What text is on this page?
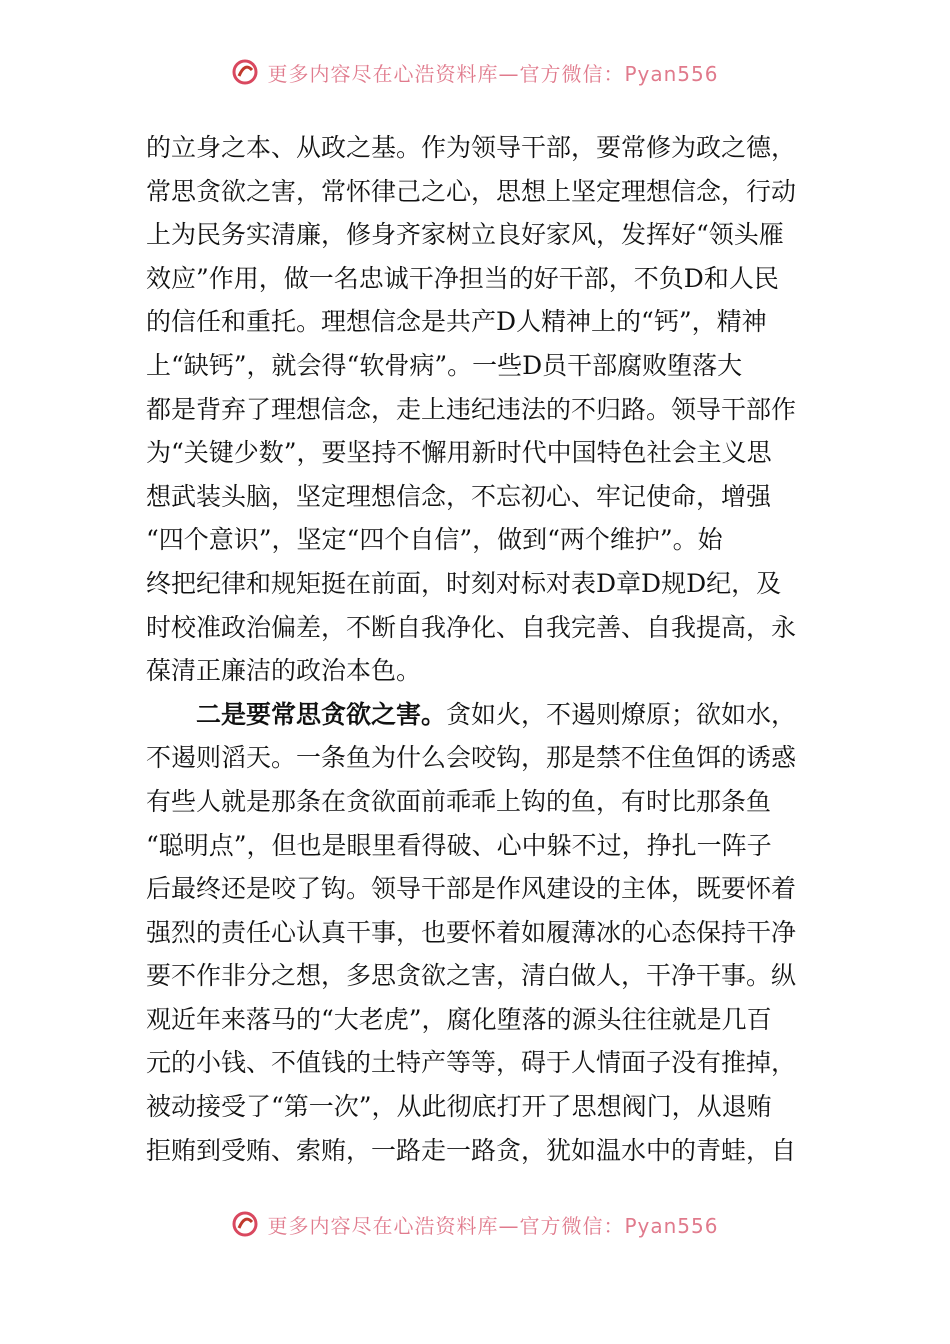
更多内容尽在心浩资料库—官方微信：Pyan556
的立身之本、从政之基。作为领导干部，要常修为政之德，
常思贪欲之害，常怀律己之心，思想上坚定理想信念，行动
上为民务实清廉，修身齐家树立良好家风，发挥好“领头雁
效应”作用，做一名忠诚干净担当的好干部，不负D和人民
的信任和重托。理想信念是共产D人精神上的“钙”，精神
上“缺钙”，就会得“软骨病”。一些D员干部腐败堕落大
都是背弃了理想信念，走上违纪违法的不归路。领导干部作
为“关键少数”，要坚持不懈用新时代中国特色社会主义思
想武装头脑，坚定理想信念，不忘初心、牢记使命，增强
“四个意识”，坚定“四个自信”，做到“两个维护”。始
终把纪律和规矩挺在前面，时刻对标对表D章D规D纪，及
时校准政治偏差，不断自我净化、自我完善、自我提高，永
葆清正廉洁的政治本色。
二是要常思贪欲之害。贪如火，不遏则燎原；欲如水，
不遏则滔天。一条鱼为什么会咬钩，那是禁不住鱼饵的诱惑
有些人就是那条在贪欲面前乖乖上钩的鱼，有时比那条鱼
“聪明点”，但也是眼里看得破、心中躲不过，挣扎一阵子
后最终还是咬了钩。领导干部是作风建设的主体，既要怀着
强烈的责任心认真干事，也要怀着如履薄冰的心态保持干净
要不作非分之想，多思贪欲之害，清白做人，干净干事。纵
观近年来落马的“大老虎”，腐化堕落的源头往往就是几百
元的小钱、不值钱的土特产等等，碍于人情面子没有推掉，
被动接受了“第一次”，从此彻底打开了思想阀门，从退贿
拒贿到受贿、索贿，一路走一路贪，犹如温水中的青蛙，自
更多内容尽在心浩资料库—官方微信：Pyan556
